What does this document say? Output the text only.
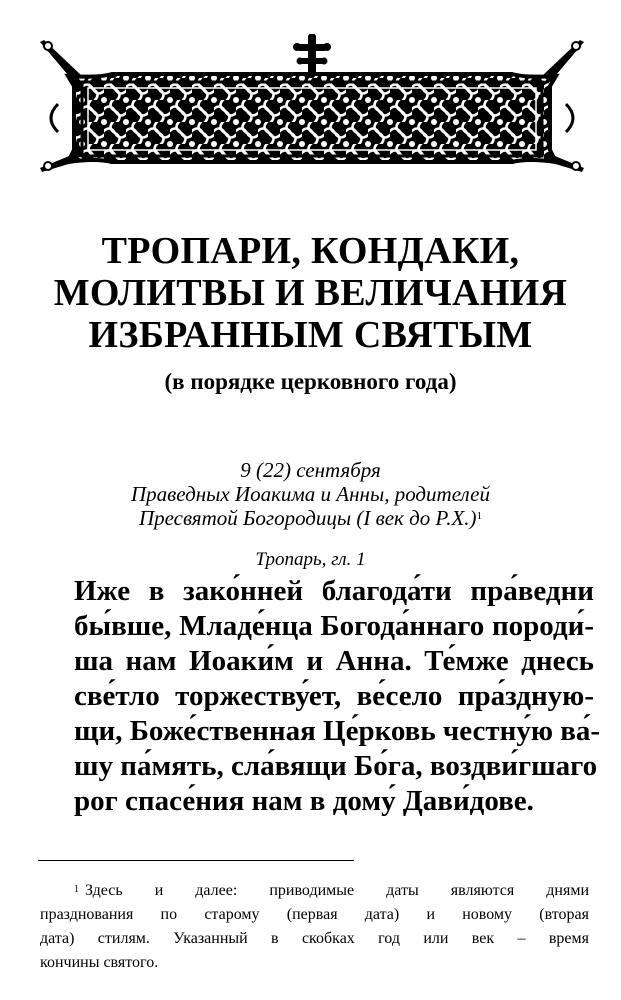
ТРОПАРИ, КОНДАКИ,
МОЛИТВЫ И ВЕЛИЧАНИЯ
ИЗБРАННЫМ СВЯТЫМ
(в порядке церковного года)
9 (22) сентября
Праведных Иоакима и Анны, родителей
Пресвятой Богородицы (I век до Р.Х.)$^1$
Тропарь, гл. 1
Иже в зако́нней благода́ти пра́ведни
бы́вше, Младе́нца Богода́ннаго породи́-
ша нам Иоаки́м и Анна. Те́мже днесь
све́тло торжеству́ет, ве́село пра́здную-
щи, Боже́ственная Це́рковь честну́ю ва́-
шу па́мять, сла́вящи Бо́га, воздви́гшаго
рог спасе́ния нам в дому́ Дави́дове.
$^1$ Здесь и далее: приводимые даты являются днями
празднования по старому (первая дата) и новому (вторая
дата) стилям. Указанный в скобках год или век – время
кончины святого.
